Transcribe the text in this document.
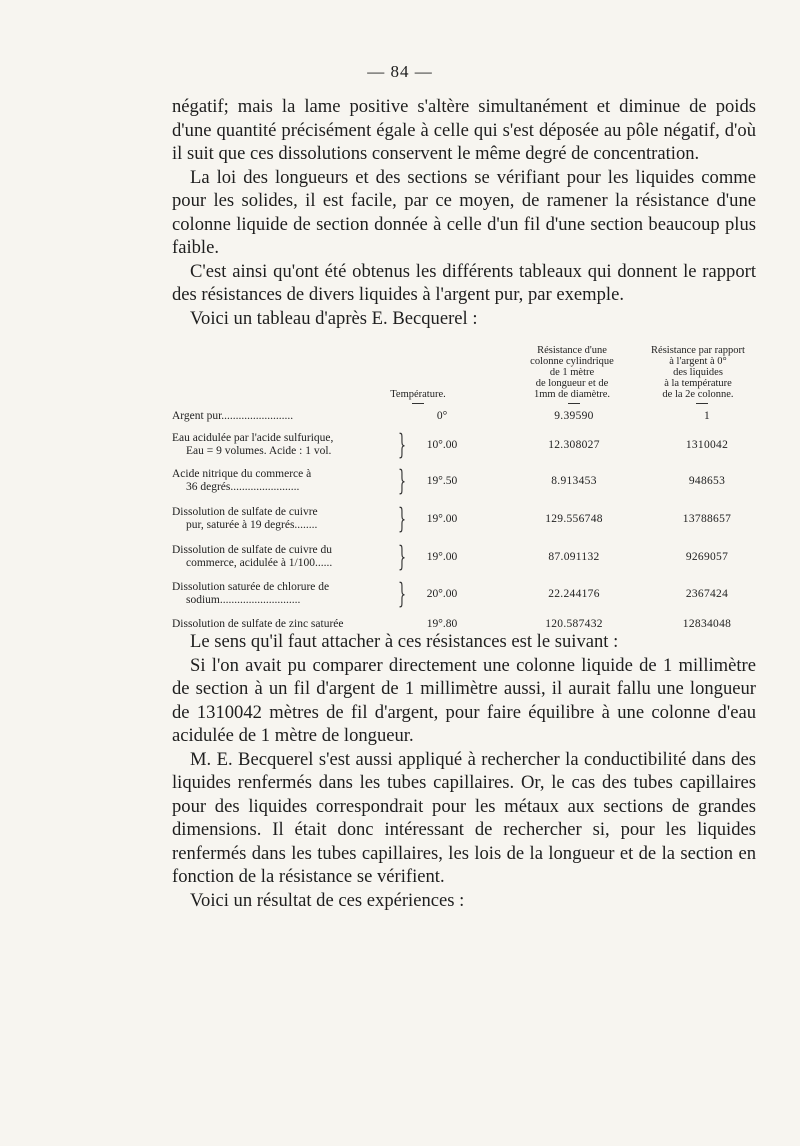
— 84 —

négatif; mais la lame positive s'altère simultanément et diminue de poids d'une quantité précisément égale à celle qui s'est déposée au pôle négatif, d'où il suit que ces dissolutions conservent le même degré de concentration.

La loi des longueurs et des sections se vérifiant pour les liquides comme pour les solides, il est facile, par ce moyen, de ramener la résistance d'une colonne liquide de section donnée à celle d'un fil d'une section beaucoup plus faible.

C'est ainsi qu'ont été obtenus les différents tableaux qui donnent le rapport des résistances de divers liquides à l'argent pur, par exemple.

Voici un tableau d'après E. Becquerel :

Température.
Résistance d'une
colonne cylindrique
de 1 mètre
de longueur et de
1mm de diamètre.
Résistance par rapport
à l'argent à 0°
des liquides
à la température
de la 2e colonne.
Argent pur.........................	0°	9.39590	1
Eau acidulée par l'acide sulfurique,
Eau = 9 volumes. Acide : 1 vol.	}	10°.00	12.308027	1310042
Acide nitrique du commerce à
36 degrés........................	}	19°.50	8.913453	948653
Dissolution de sulfate de cuivre
pur, saturée à 19 degrés........	}	19°.00	129.556748	13788657
Dissolution de sulfate de cuivre du
commerce, acidulée à 1/100......	}	19°.00	87.091132	9269057
Dissolution saturée de chlorure de
sodium............................	}	20°.00	22.244176	2367424
Dissolution de sulfate de zinc saturée	19°.80	120.587432	12834048

Le sens qu'il faut attacher à ces résistances est le suivant :

Si l'on avait pu comparer directement une colonne liquide de 1 millimètre de section à un fil d'argent de 1 millimètre aussi, il aurait fallu une longueur de 1310042 mètres de fil d'argent, pour faire équilibre à une colonne d'eau acidulée de 1 mètre de longueur.

M. E. Becquerel s'est aussi appliqué à rechercher la conductibilité dans des liquides renfermés dans les tubes capillaires. Or, le cas des tubes capillaires pour des liquides correspondrait pour les métaux aux sections de grandes dimensions. Il était donc intéressant de rechercher si, pour les liquides renfermés dans les tubes capillaires, les lois de la longueur et de la section en fonction de la résistance se vérifient.

Voici un résultat de ces expériences :
